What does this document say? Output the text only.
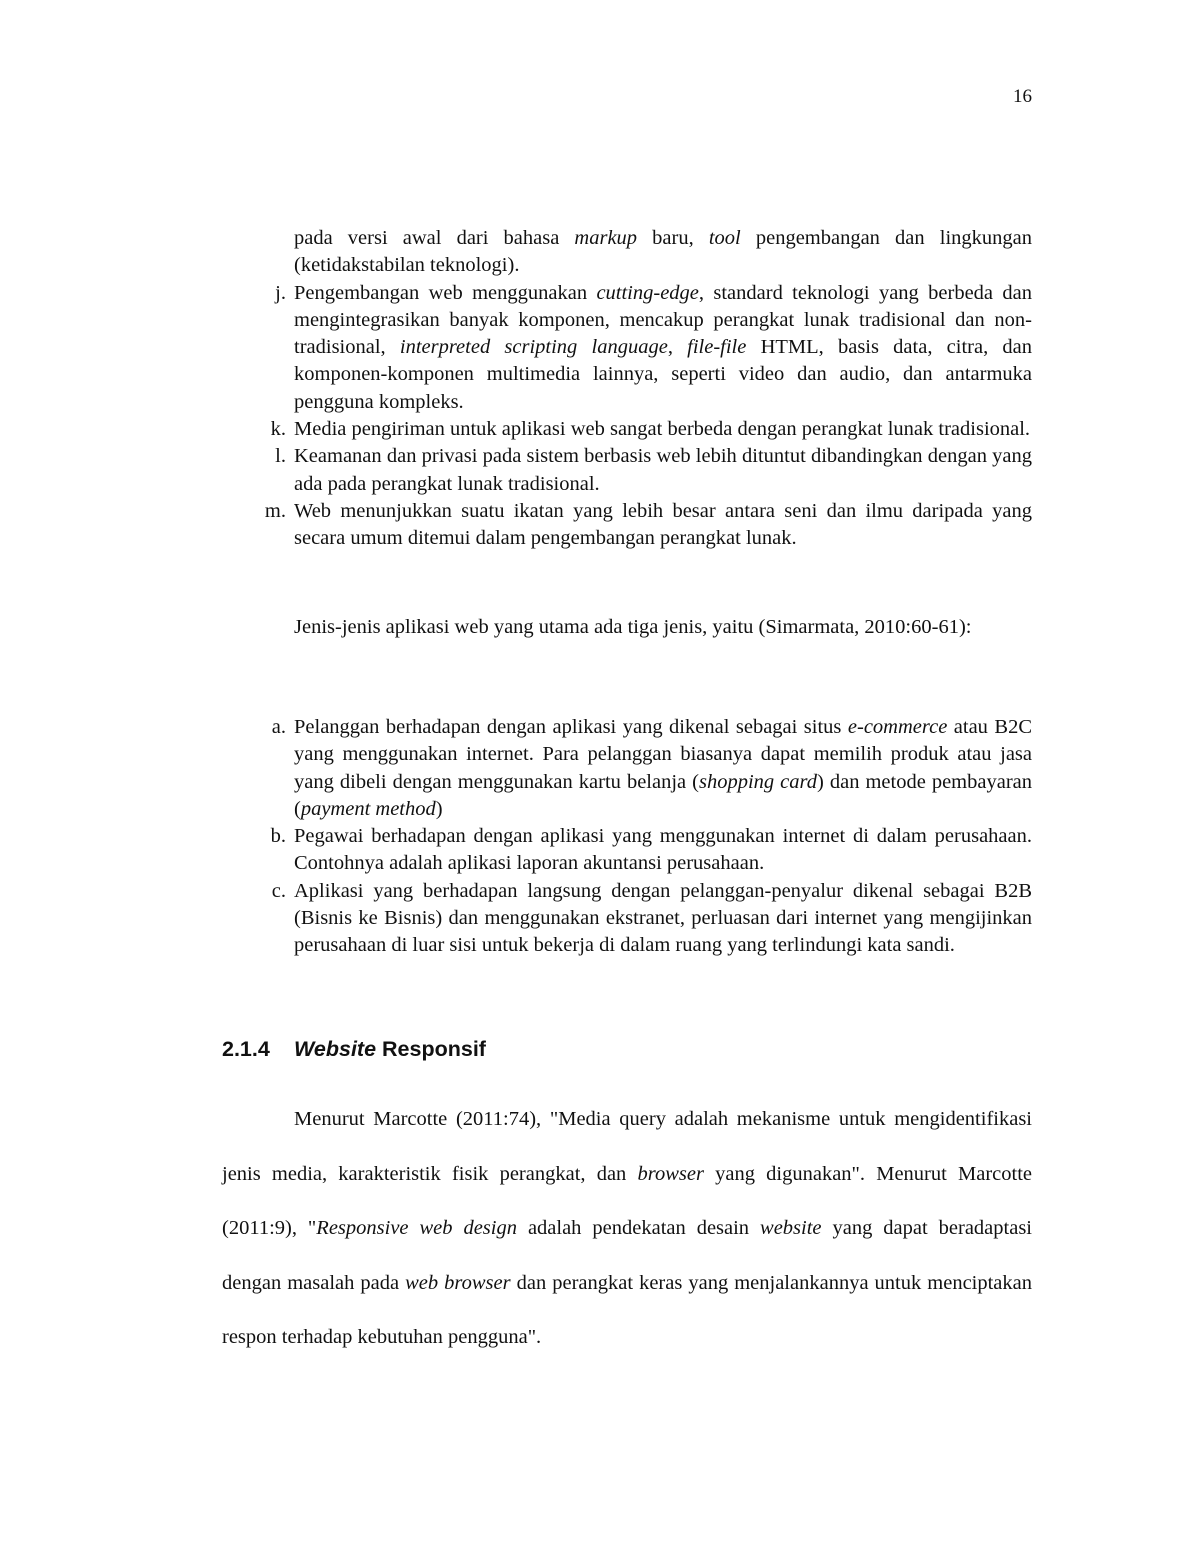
16
pada versi awal dari bahasa markup baru, tool pengembangan dan lingkungan (ketidakstabilan teknologi).
j. Pengembangan web menggunakan cutting-edge, standard teknologi yang berbeda dan mengintegrasikan banyak komponen, mencakup perangkat lunak tradisional dan non-tradisional, interpreted scripting language, file-file HTML, basis data, citra, dan komponen-komponen multimedia lainnya, seperti video dan audio, dan antarmuka pengguna kompleks.
k. Media pengiriman untuk aplikasi web sangat berbeda dengan perangkat lunak tradisional.
l. Keamanan dan privasi pada sistem berbasis web lebih dituntut dibandingkan dengan yang ada pada perangkat lunak tradisional.
m. Web menunjukkan suatu ikatan yang lebih besar antara seni dan ilmu daripada yang secara umum ditemui dalam pengembangan perangkat lunak.
Jenis-jenis aplikasi web yang utama ada tiga jenis, yaitu (Simarmata, 2010:60-61):
a. Pelanggan berhadapan dengan aplikasi yang dikenal sebagai situs e-commerce atau B2C yang menggunakan internet. Para pelanggan biasanya dapat memilih produk atau jasa yang dibeli dengan menggunakan kartu belanja (shopping card) dan metode pembayaran (payment method)
b. Pegawai berhadapan dengan aplikasi yang menggunakan internet di dalam perusahaan. Contohnya adalah aplikasi laporan akuntansi perusahaan.
c. Aplikasi yang berhadapan langsung dengan pelanggan-penyalur dikenal sebagai B2B (Bisnis ke Bisnis) dan menggunakan ekstranet, perluasan dari internet yang mengijinkan perusahaan di luar sisi untuk bekerja di dalam ruang yang terlindungi kata sandi.
2.1.4 Website Responsif
Menurut Marcotte (2011:74), "Media query adalah mekanisme untuk mengidentifikasi jenis media, karakteristik fisik perangkat, dan browser yang digunakan". Menurut Marcotte (2011:9), "Responsive web design adalah pendekatan desain website yang dapat beradaptasi dengan masalah pada web browser dan perangkat keras yang menjalankannya untuk menciptakan respon terhadap kebutuhan pengguna".
